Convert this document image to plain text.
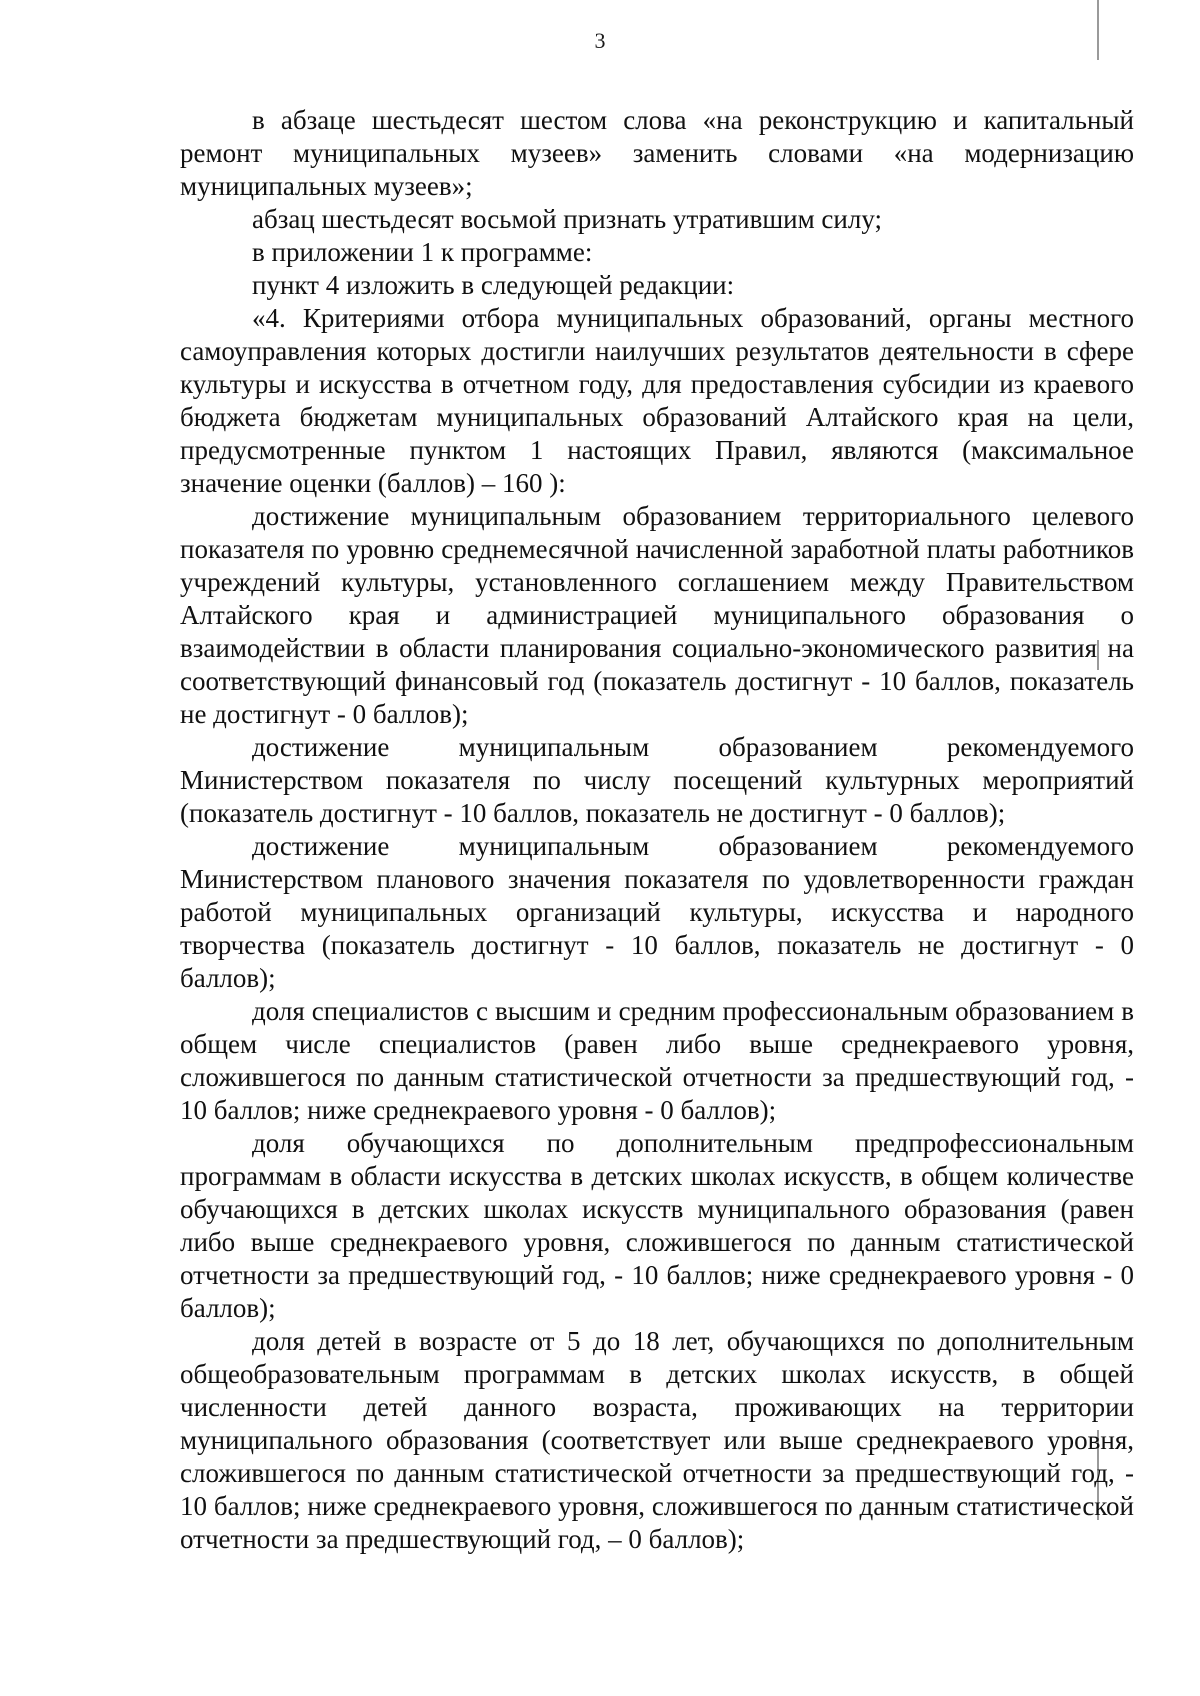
3

в абзаце шестьдесят шестом слова «на реконструкцию и капитальный ремонт муниципальных музеев» заменить словами «на модернизацию муниципальных музеев»;

абзац шестьдесят восьмой признать утратившим силу;

в приложении 1 к программе:

пункт 4 изложить в следующей редакции:

«4. Критериями отбора муниципальных образований, органы местного самоуправления которых достигли наилучших результатов деятельности в сфере культуры и искусства в отчетном году, для предоставления субсидии из краевого бюджета бюджетам муниципальных образований Алтайского края на цели, предусмотренные пунктом 1 настоящих Правил, являются (максимальное значение оценки (баллов) – 160 ):

достижение муниципальным образованием территориального целевого показателя по уровню среднемесячной начисленной заработной платы работников учреждений культуры, установленного соглашением между Правительством Алтайского края и администрацией муниципального образования о взаимодействии в области планирования социально-экономического развития на соответствующий финансовый год (показатель достигнут - 10 баллов, показатель не достигнут - 0 баллов);

достижение муниципальным образованием рекомендуемого Министерством показателя по числу посещений культурных мероприятий (показатель достигнут - 10 баллов, показатель не достигнут - 0 баллов);

достижение муниципальным образованием рекомендуемого Министерством планового значения показателя по удовлетворенности граждан работой муниципальных организаций культуры, искусства и народного творчества (показатель достигнут - 10 баллов, показатель не достигнут - 0 баллов);

доля специалистов с высшим и средним профессиональным образованием в общем числе специалистов (равен либо выше среднекраевого уровня, сложившегося по данным статистической отчетности за предшествующий год, - 10 баллов; ниже среднекраевого уровня - 0 баллов);

доля обучающихся по дополнительным предпрофессиональным программам в области искусства в детских школах искусств, в общем количестве обучающихся в детских школах искусств муниципального образования (равен либо выше среднекраевого уровня, сложившегося по данным статистической отчетности за предшествующий год, - 10 баллов; ниже среднекраевого уровня - 0 баллов);

доля детей в возрасте от 5 до 18 лет, обучающихся по дополнительным общеобразовательным программам в детских школах искусств, в общей численности детей данного возраста, проживающих на территории муниципального образования (соответствует или выше среднекраевого уровня, сложившегося по данным статистической отчетности за предшествующий год, - 10 баллов; ниже среднекраевого уровня, сложившегося по данным статистической отчетности за предшествующий год, – 0 баллов);
